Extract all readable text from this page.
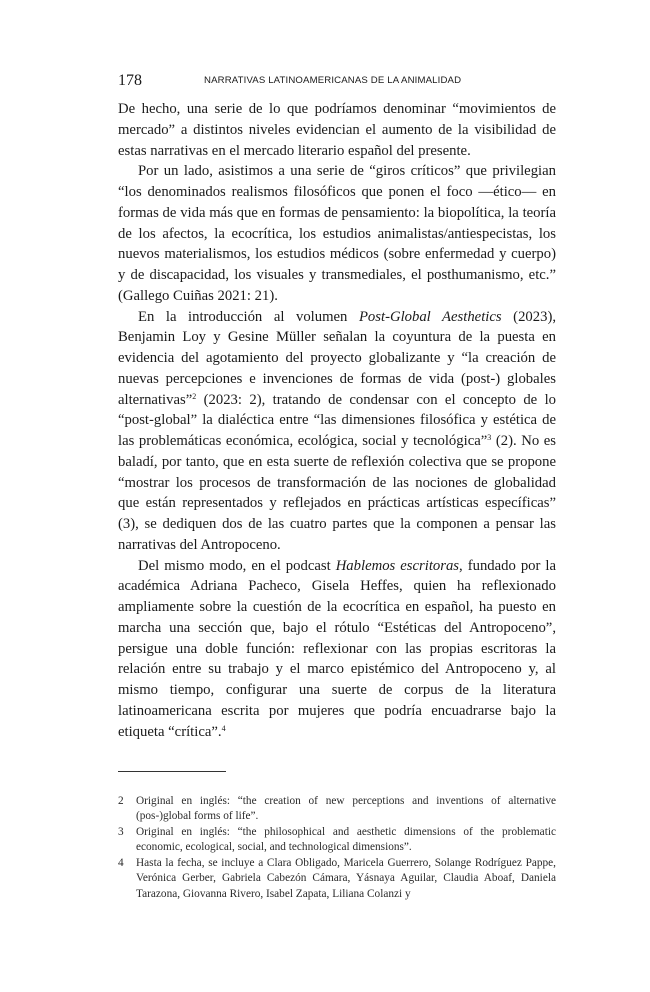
178	NARRATIVAS LATINOAMERICANAS DE LA ANIMALIDAD

De hecho, una serie de lo que podríamos denominar “movimientos de mercado” a distintos niveles evidencian el aumento de la visibilidad de estas narrativas en el mercado literario español del presente.

Por un lado, asistimos a una serie de “giros críticos” que privilegian “los denominados realismos filosóficos que ponen el foco —ético— en formas de vida más que en formas de pensamiento: la biopolítica, la teoría de los afectos, la ecocrítica, los estudios animalistas/antiespecistas, los nuevos materialismos, los estudios médicos (sobre enfermedad y cuerpo) y de discapacidad, los visuales y transmediales, el posthumanismo, etc.” (Gallego Cuiñas 2021: 21).

En la introducción al volumen Post-Global Aesthetics (2023), Benjamin Loy y Gesine Müller señalan la coyuntura de la puesta en evidencia del agotamiento del proyecto globalizante y “la creación de nuevas percepciones e invenciones de formas de vida (post-) globales alternativas”$^2$ (2023: 2), tratando de condensar con el concepto de lo “post-global” la dialéctica entre “las dimensiones filosófica y estética de las problemáticas económica, ecológica, social y tecnológica”$^3$ (2). No es baladí, por tanto, que en esta suerte de reflexión colectiva que se propone “mostrar los procesos de transformación de las nociones de globalidad que están representados y reflejados en prácticas artísticas específicas” (3), se dediquen dos de las cuatro partes que la componen a pensar las narrativas del Antropoceno.

Del mismo modo, en el podcast Hablemos escritoras, fundado por la académica Adriana Pacheco, Gisela Heffes, quien ha reflexionado ampliamente sobre la cuestión de la ecocrítica en español, ha puesto en marcha una sección que, bajo el rótulo “Estéticas del Antropoceno”, persigue una doble función: reflexionar con las propias escritoras la relación entre su trabajo y el marco epistémico del Antropoceno y, al mismo tiempo, configurar una suerte de corpus de la literatura latinoamericana escrita por mujeres que podría encuadrarse bajo la etiqueta “crítica”.$^4$

2 Original en inglés: “the creation of new perceptions and inventions of alternative (pos-)global forms of life”.
3 Original en inglés: “the philosophical and aesthetic dimensions of the problematic economic, ecological, social, and technological dimensions”.
4 Hasta la fecha, se incluye a Clara Obligado, Maricela Guerrero, Solange Rodríguez Pappe, Verónica Gerber, Gabriela Cabezón Cámara, Yásnaya Aguilar, Claudia Aboaf, Daniela Tarazona, Giovanna Rivero, Isabel Zapata, Liliana Colanzi y
